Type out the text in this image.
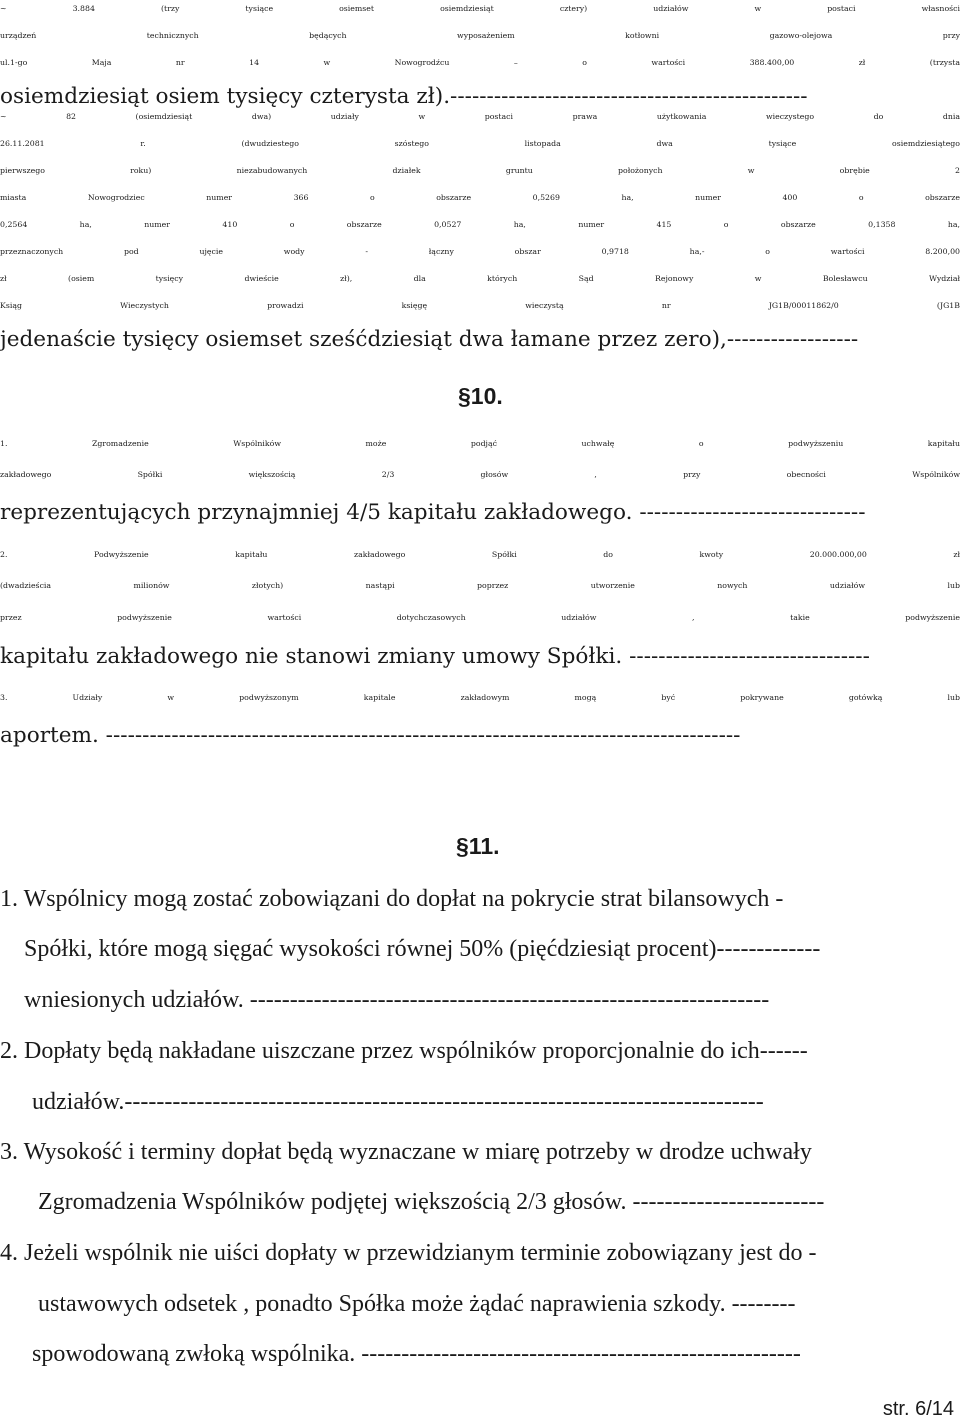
~ 3.884 (trzy tysiące osiemset osiemdziesiąt cztery) udziałów w postaci własności

urządzeń technicznych będących wyposażeniem kotłowni gazowo-olejowa przy

ul.1-go Maja nr 14 w Nowogrodźcu – o wartości 388.400,00 zł (trzysta

osiemdziesiąt osiem tysięcy czterysta zł).-------------------------------------------------

~ 82 (osiemdziesiąt dwa) udziały w postaci prawa użytkowania wieczystego do dnia

26.11.2081 r. (dwudziestego szóstego listopada dwa tysiące osiemdziesiątego

pierwszego roku) niezabudowanych działek gruntu położonych w obrębie 2

miasta Nowogrodziec numer 366 o obszarze 0,5269 ha, numer 400 o obszarze

0,2564 ha, numer 410 o obszarze 0,0527 ha, numer 415 o obszarze 0,1358 ha,

przeznaczonych pod ujęcie wody - łączny obszar 0,9718 ha,- o wartości 8.200,00

zł (osiem tysięcy dwieście zł), dla których Sąd Rejonowy w Bolesławcu Wydział

Ksiąg Wieczystych prowadzi księgę wieczystą nr JG1B/00011862/0 (JG1B

jedenaście tysięcy osiemset sześćdziesiąt dwa łamane przez zero),------------------

§10.

1. Zgromadzenie Wspólników może podjąć uchwałę o podwyższeniu kapitału

zakładowego Spółki większością 2/3 głosów , przy obecności Wspólników

reprezentujących przynajmniej 4/5 kapitału zakładowego. -------------------------------

2. Podwyższenie kapitału zakładowego Spółki do kwoty 20.000.000,00 zł

(dwadzieścia milionów złotych) nastąpi poprzez utworzenie nowych udziałów lub

przez podwyższenie wartości dotychczasowych udziałów , takie podwyższenie

kapitału zakładowego nie stanowi zmiany umowy Spółki. ---------------------------------

3. Udziały w podwyższonym kapitale zakładowym mogą być pokrywane gotówką lub

aportem. ---------------------------------------------------------------------------------------

§11.

1. Wspólnicy mogą zostać zobowiązani do dopłat na pokrycie strat bilansowych -

Spółki, które mogą sięgać wysokości równej 50% (pięćdziesiąt procent)-------------

wniesionych udziałów. -----------------------------------------------------------------

2. Dopłaty będą nakładane uiszczane przez wspólników proporcjonalnie do ich------

udziałów.--------------------------------------------------------------------------------

3. Wysokość i terminy dopłat będą wyznaczane w miarę potrzeby w drodze uchwały

Zgromadzenia Wspólników podjętej większością 2/3 głosów. ------------------------

4. Jeżeli wspólnik nie uiści dopłaty w przewidzianym terminie zobowiązany jest do -

ustawowych odsetek , ponadto Spółka może żądać naprawienia szkody. --------

spowodowaną zwłoką wspólnika. -------------------------------------------------------

str. 6/14
